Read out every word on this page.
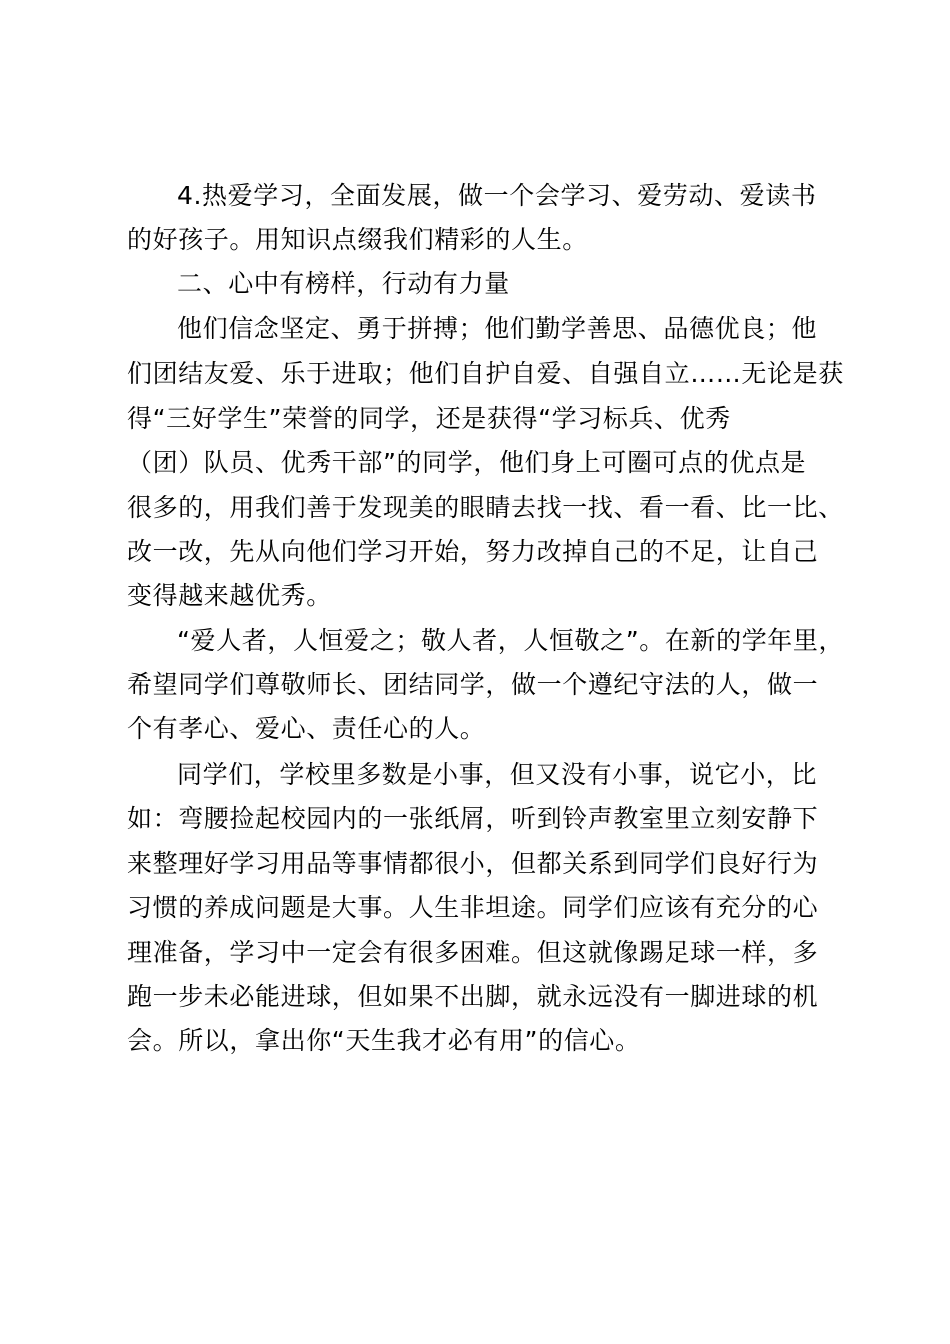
4.热爱学习，全面发展，做一个会学习、爱劳动、爱读书
的好孩子。用知识点缀我们精彩的人生。
二、心中有榜样，行动有力量
他们信念坚定、勇于拼搏；他们勤学善思、品德优良；他
们团结友爱、乐于进取；他们自护自爱、自强自立……无论是获
得“三好学生”荣誉的同学，还是获得“学习标兵、优秀
（团）队员、优秀干部”的同学，他们身上可圈可点的优点是
很多的，用我们善于发现美的眼睛去找一找、看一看、比一比、
改一改，先从向他们学习开始，努力改掉自己的不足，让自己
变得越来越优秀。
“爱人者，人恒爱之；敬人者，人恒敬之”。在新的学年里，
希望同学们尊敬师长、团结同学，做一个遵纪守法的人，做一
个有孝心、爱心、责任心的人。
同学们，学校里多数是小事，但又没有小事，说它小，比
如：弯腰捡起校园内的一张纸屑，听到铃声教室里立刻安静下
来整理好学习用品等事情都很小，但都关系到同学们良好行为
习惯的养成问题是大事。人生非坦途。同学们应该有充分的心
理准备，学习中一定会有很多困难。但这就像踢足球一样，多
跑一步未必能进球，但如果不出脚，就永远没有一脚进球的机
会。所以，拿出你“天生我才必有用”的信心。
